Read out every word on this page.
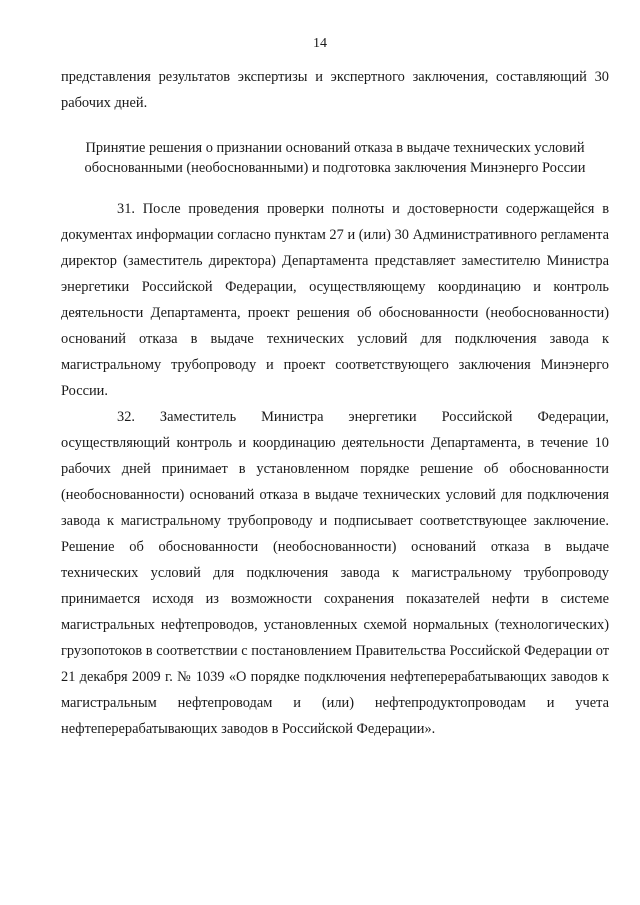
14

представления результатов экспертизы и экспертного заключения, составляющий 30 рабочих дней.

Принятие решения о признании оснований отказа в выдаче технических условий
обоснованными (необоснованными) и подготовка заключения Минэнерго России

31. После проведения проверки полноты и достоверности содержащейся в документах информации согласно пунктам 27 и (или) 30 Административного регламента директор (заместитель директора) Департамента представляет заместителю Министра энергетики Российской Федерации, осуществляющему координацию и контроль деятельности Департамента, проект решения об обоснованности (необоснованности) оснований отказа в выдаче технических условий для подключения завода к магистральному трубопроводу и проект соответствующего заключения Минэнерго России.

32. Заместитель Министра энергетики Российской Федерации, осуществляющий контроль и координацию деятельности Департамента, в течение 10 рабочих дней принимает в установленном порядке решение об обоснованности (необоснованности) оснований отказа в выдаче технических условий для подключения завода к магистральному трубопроводу и подписывает соответствующее заключение. Решение об обоснованности (необоснованности) оснований отказа в выдаче технических условий для подключения завода к магистральному трубопроводу принимается исходя из возможности сохранения показателей нефти в системе магистральных нефтепроводов, установленных схемой нормальных (технологических) грузопотоков в соответствии с постановлением Правительства Российской Федерации от 21 декабря 2009 г. № 1039 «О порядке подключения нефтеперерабатывающих заводов к магистральным нефтепроводам и (или) нефтепродуктопроводам и учета нефтеперерабатывающих заводов в Российской Федерации».
